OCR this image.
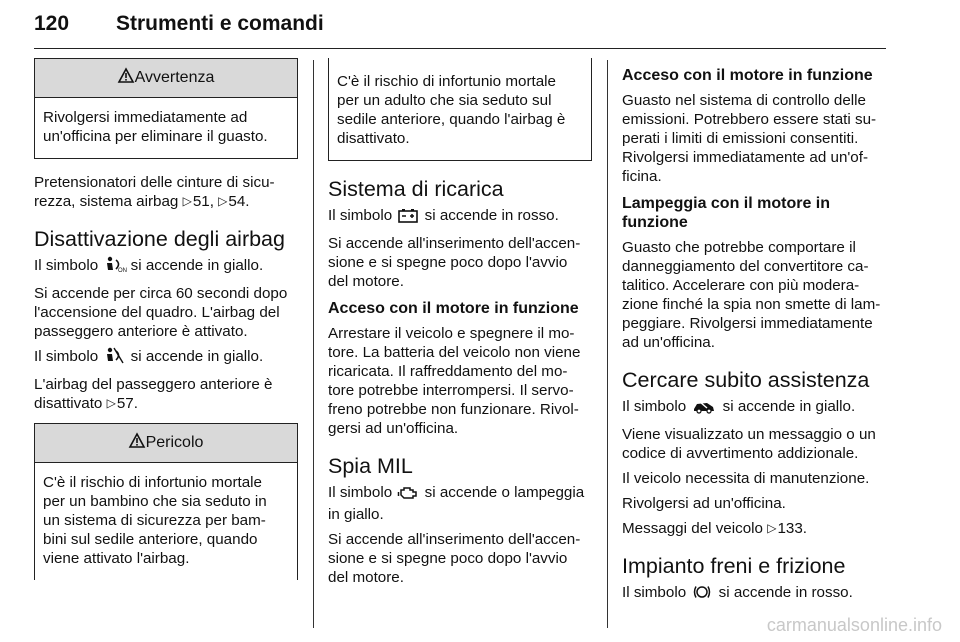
120 Strumenti e comandi
Avvertenza

Rivolgersi immediatamente ad

un'officina per eliminare il guasto.

Pretensionatori delle cinture di sicu-
rezza, sistema airbag ▷51, ▷54.

Disattivazione degli airbag

Il simbolo	ON si accende in giallo.

Si accende per circa 60 secondi dopo
l'accensione del quadro. L'airbag del
passeggero anteriore è attivato.

Il simbolo si accende in giallo.

L'airbag del passeggero anteriore è
disattivato ▷57.

Pericolo

C'è il rischio di infortunio mortale

per un bambino che sia seduto in

un sistema di sicurezza per bam-

bini sul sedile anteriore, quando

viene attivato l'airbag.

C'è il rischio di infortunio mortale

per un adulto che sia seduto sul

sedile anteriore, quando l'airbag è

disattivato.

Sistema di ricarica

Il simbolo si accende in rosso.

Si accende all'inserimento dell'accen-
sione e si spegne poco dopo l'avvio
del motore.

Acceso con il motore in funzione

Arrestare il veicolo e spegnere il mo-
tore. La batteria del veicolo non viene
ricaricata. Il raffreddamento del mo-
tore potrebbe interrompersi. Il servo-
freno potrebbe non funzionare. Rivol-
gersi ad un'officina.

Spia MIL

Il simbolo si accende o lampeggia
in giallo.

Si accende all'inserimento dell'accen-
sione e si spegne poco dopo l'avvio
del motore.

Acceso con il motore in funzione

Guasto nel sistema di controllo delle
emissioni. Potrebbero essere stati su-
perati i limiti di emissioni consentiti.
Rivolgersi immediatamente ad un'of-
ficina.

Lampeggia con il motore in
funzione

Guasto che potrebbe comportare il
danneggiamento del convertitore ca-
talitico. Accelerare con più modera-
zione finché la spia non smette di lam-
peggiare. Rivolgersi immediatamente
ad un'officina.

Cercare subito assistenza

Il simbolo si accende in giallo.

Viene visualizzato un messaggio o un
codice di avvertimento addizionale.

Il veicolo necessita di manutenzione.

Rivolgersi ad un'officina.

Messaggi del veicolo ▷133.

Impianto freni e frizione

Il simbolo si accende in rosso.

carmanualsonline.info
